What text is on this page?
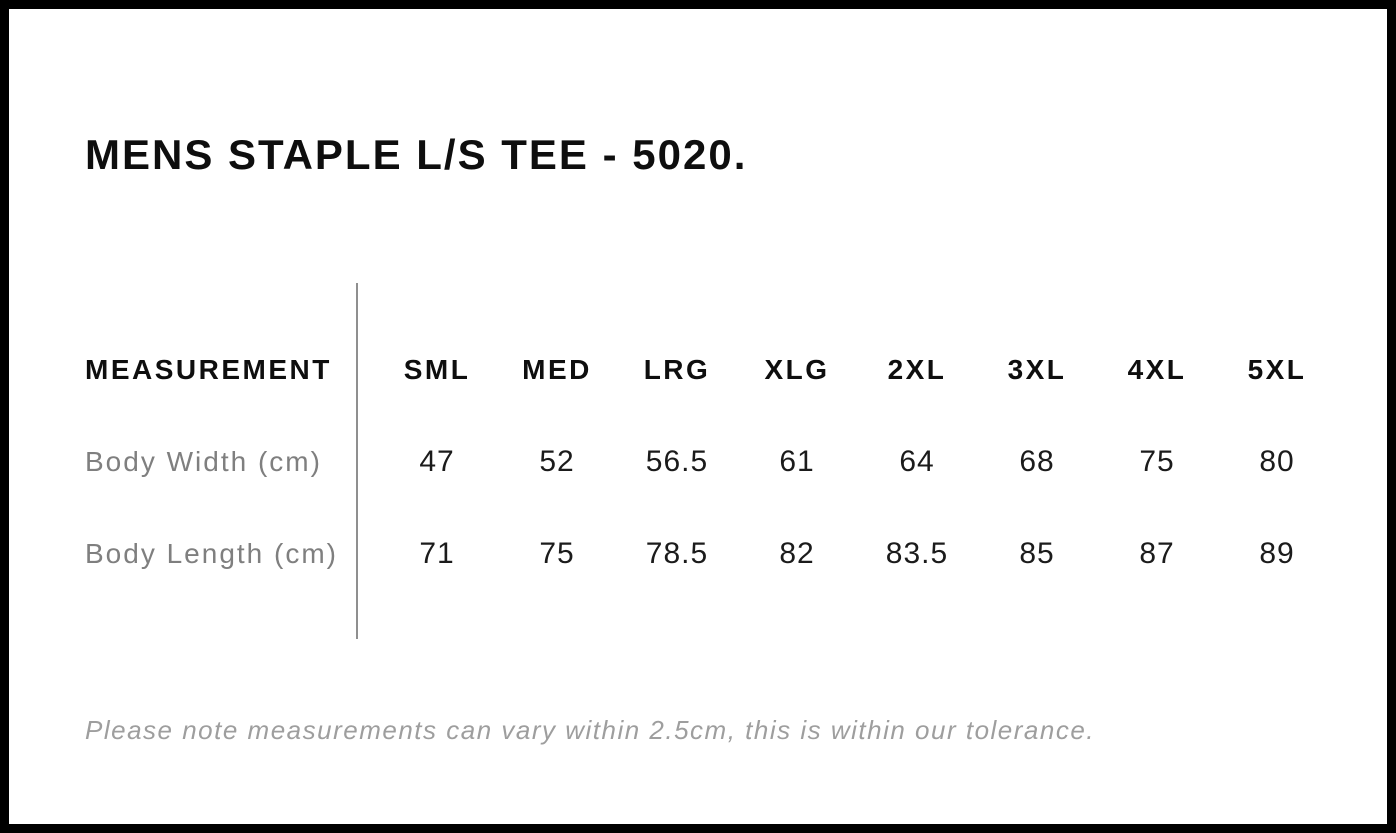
MENS STAPLE L/S TEE - 5020.
MEASUREMENT	SML	MED	LRG	XLG	2XL	3XL	4XL	5XL
Body Width (cm)	47	52	56.5	61	64	68	75	80
Body Length (cm)	71	75	78.5	82	83.5	85	87	89
Please note measurements can vary within 2.5cm, this is within our tolerance.
